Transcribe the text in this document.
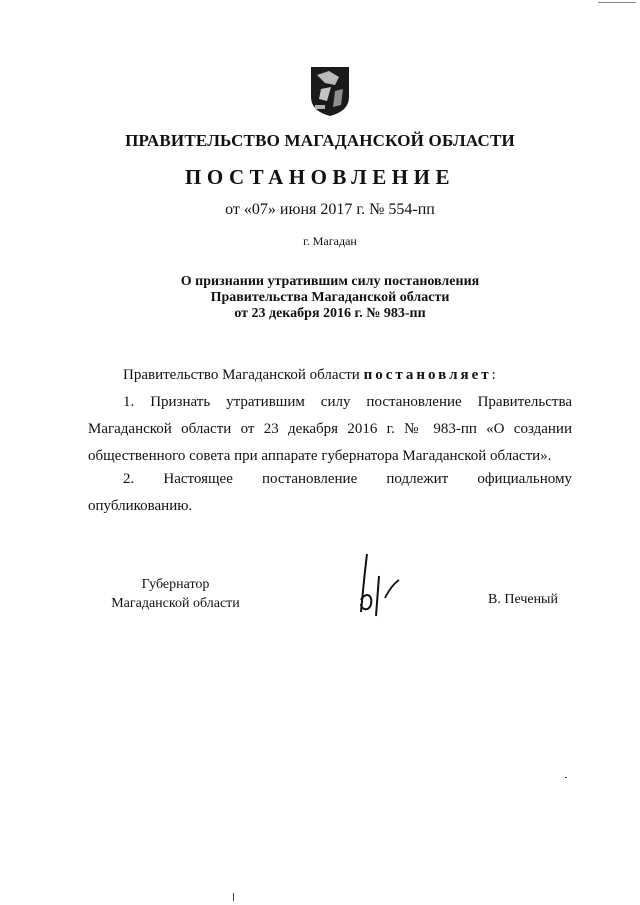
ПРАВИТЕЛЬСТВО МАГАДАНСКОЙ ОБЛАСТИ
ПОСТАНОВЛЕНИЕ
от «07» июня 2017 г. № 554-пп
г. Магадан
О признании утратившим силу постановления
Правительства Магаданской области
от 23 декабря 2016 г. № 983-пп
Правительство Магаданской области постановляет:
1. Признать утратившим силу постановление Правительства Магаданской области от 23 декабря 2016 г. № 983-пп «О создании общественного совета при аппарате губернатора Магаданской области».
2. Настоящее постановление подлежит официальному опубликованию.
Губернатор
Магаданской области	В. Печеный
